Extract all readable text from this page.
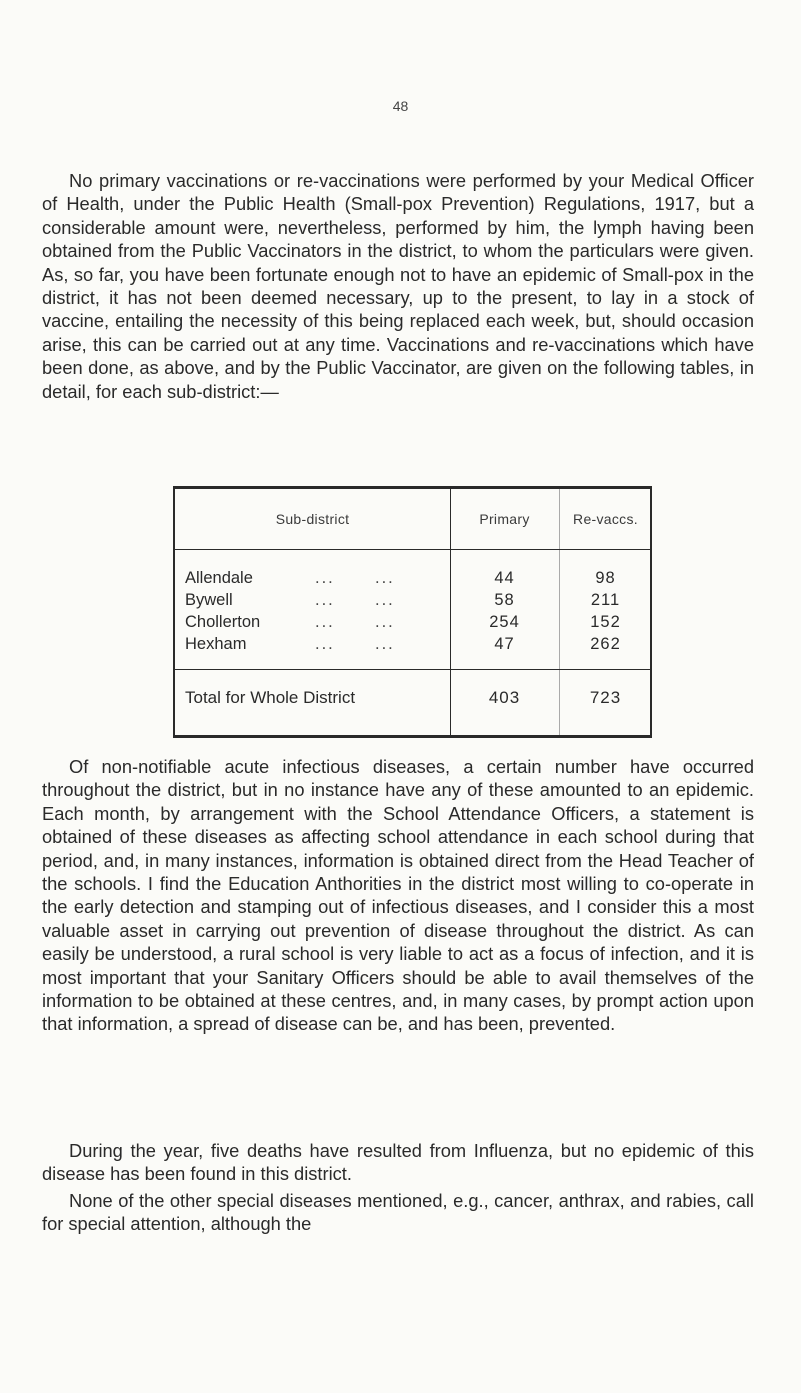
48

No primary vaccinations or re-vaccinations were performed by your Medical Officer of Health, under the Public Health (Small-pox Prevention) Regulations, 1917, but a considerable amount were, nevertheless, performed by him, the lymph having been obtained from the Public Vaccinators in the district, to whom the particulars were given. As, so far, you have been fortunate enough not to have an epidemic of Small-pox in the district, it has not been deemed necessary, up to the present, to lay in a stock of vaccine, entailing the necessity of this being replaced each week, but, should occasion arise, this can be carried out at any time. Vaccinations and re-vaccinations which have been done, as above, and by the Public Vaccinator, are given on the following tables, in detail, for each sub-district:—

Sub-district	Primary	Re-vaccs.
Allendale	... ...	44	98
Bywell	... ...	58	211
Chollerton	... ...	254	152
Hexham	... ...	47	262
Total for Whole District	403	723

Of non-notifiable acute infectious diseases, a certain number have occurred throughout the district, but in no instance have any of these amounted to an epidemic. Each month, by arrangement with the School Attendance Officers, a statement is obtained of these diseases as affecting school attendance in each school during that period, and, in many instances, information is obtained direct from the Head Teacher of the schools. I find the Education Anthorities in the district most willing to co-operate in the early detection and stamping out of infectious diseases, and I consider this a most valuable asset in carrying out prevention of disease throughout the district. As can easily be understood, a rural school is very liable to act as a focus of infection, and it is most important that your Sanitary Officers should be able to avail themselves of the information to be obtained at these centres, and, in many cases, by prompt action upon that information, a spread of disease can be, and has been, prevented.

During the year, five deaths have resulted from Influenza, but no epidemic of this disease has been found in this district.

None of the other special diseases mentioned, e.g., cancer, anthrax, and rabies, call for special attention, although the
